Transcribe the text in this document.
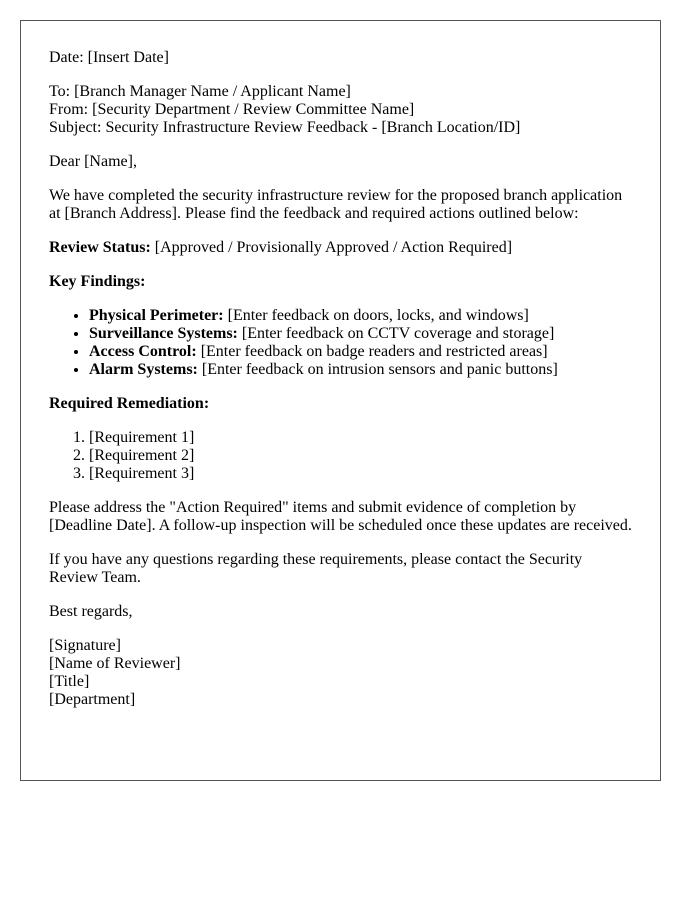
Date: [Insert Date]

To: [Branch Manager Name / Applicant Name]
From: [Security Department / Review Committee Name]
Subject: Security Infrastructure Review Feedback - [Branch Location/ID]

Dear [Name],

We have completed the security infrastructure review for the proposed branch application at [Branch Address]. Please find the feedback and required actions outlined below:

Review Status: [Approved / Provisionally Approved / Action Required]

Key Findings:

• Physical Perimeter: [Enter feedback on doors, locks, and windows]
• Surveillance Systems: [Enter feedback on CCTV coverage and storage]
• Access Control: [Enter feedback on badge readers and restricted areas]
• Alarm Systems: [Enter feedback on intrusion sensors and panic buttons]

Required Remediation:

1. [Requirement 1]
2. [Requirement 2]
3. [Requirement 3]

Please address the "Action Required" items and submit evidence of completion by [Deadline Date]. A follow-up inspection will be scheduled once these updates are received.

If you have any questions regarding these requirements, please contact the Security Review Team.

Best regards,

[Signature]
[Name of Reviewer]
[Title]
[Department]
